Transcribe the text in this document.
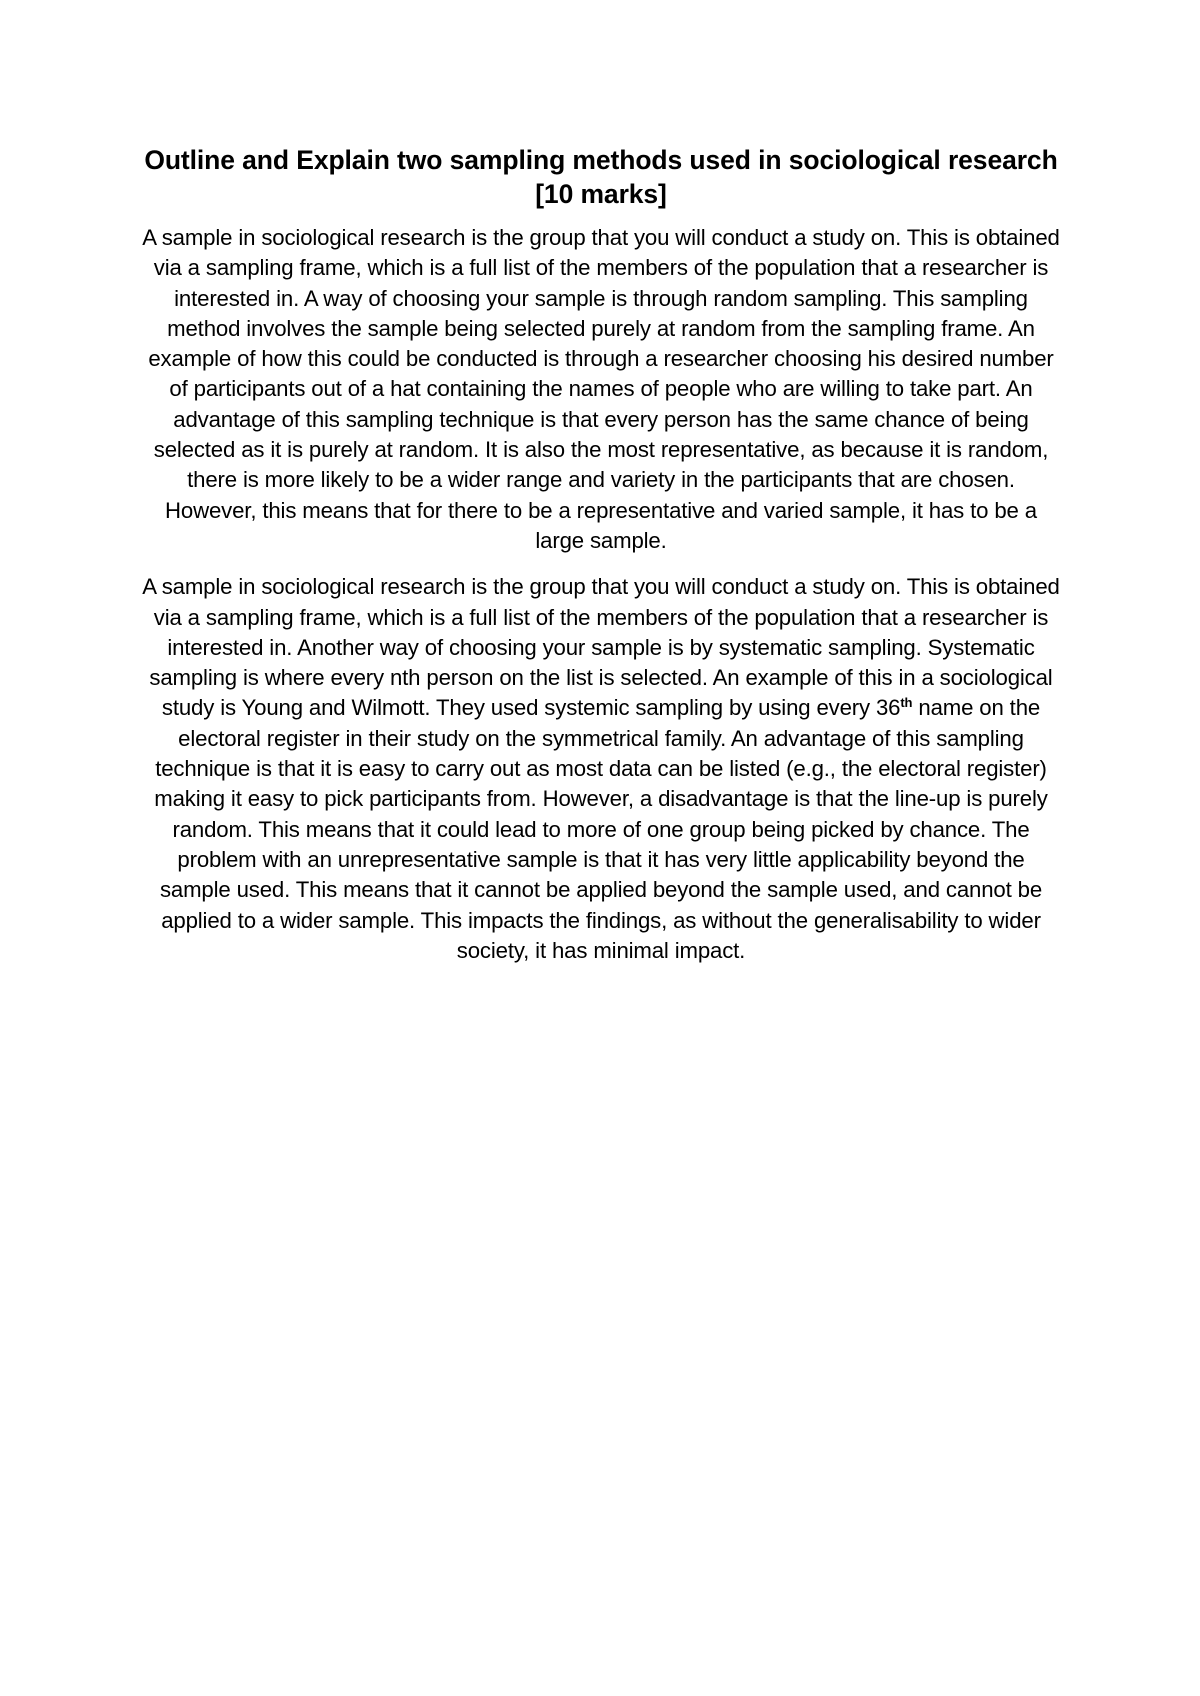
Outline and Explain two sampling methods used in sociological research [10 marks]

A sample in sociological research is the group that you will conduct a study on. This is obtained via a sampling frame, which is a full list of the members of the population that a researcher is interested in. A way of choosing your sample is through random sampling. This sampling method involves the sample being selected purely at random from the sampling frame. An example of how this could be conducted is through a researcher choosing his desired number of participants out of a hat containing the names of people who are willing to take part. An advantage of this sampling technique is that every person has the same chance of being selected as it is purely at random. It is also the most representative, as because it is random, there is more likely to be a wider range and variety in the participants that are chosen. However, this means that for there to be a representative and varied sample, it has to be a large sample.

A sample in sociological research is the group that you will conduct a study on. This is obtained via a sampling frame, which is a full list of the members of the population that a researcher is interested in. Another way of choosing your sample is by systematic sampling. Systematic sampling is where every nth person on the list is selected. An example of this in a sociological study is Young and Wilmott. They used systemic sampling by using every 36th name on the electoral register in their study on the symmetrical family. An advantage of this sampling technique is that it is easy to carry out as most data can be listed (e.g., the electoral register) making it easy to pick participants from. However, a disadvantage is that the line-up is purely random. This means that it could lead to more of one group being picked by chance. The problem with an unrepresentative sample is that it has very little applicability beyond the sample used. This means that it cannot be applied beyond the sample used, and cannot be applied to a wider sample. This impacts the findings, as without the generalisability to wider society, it has minimal impact.
